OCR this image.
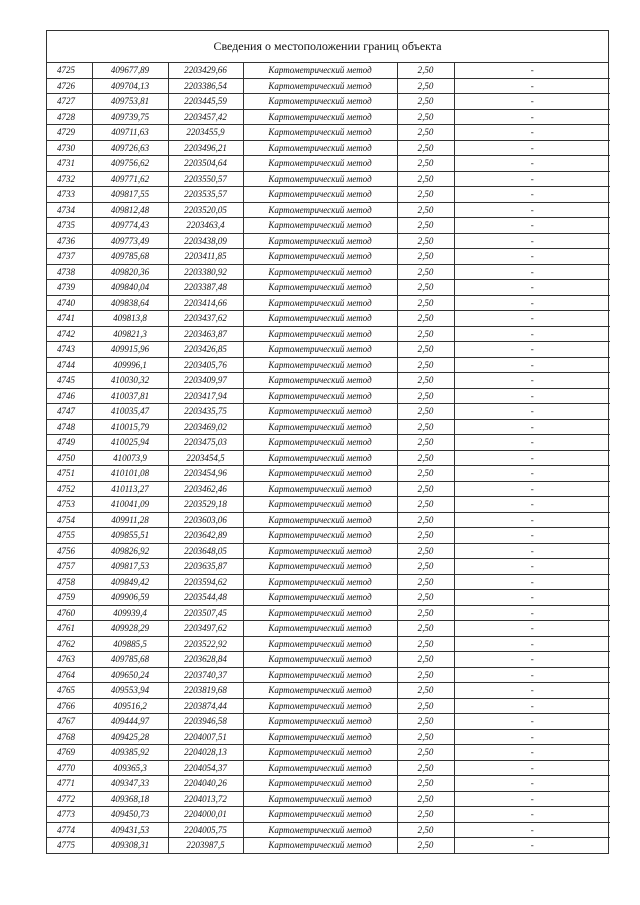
Сведения о местоположении границ объекта
4725	409677,89	2203429,66	Картометрический метод	2,50	-
4726	409704,13	2203386,54	Картометрический метод	2,50	-
4727	409753,81	2203445,59	Картометрический метод	2,50	-
4728	409739,75	2203457,42	Картометрический метод	2,50	-
4729	409711,63	2203455,9	Картометрический метод	2,50	-
4730	409726,63	2203496,21	Картометрический метод	2,50	-
4731	409756,62	2203504,64	Картометрический метод	2,50	-
4732	409771,62	2203550,57	Картометрический метод	2,50	-
4733	409817,55	2203535,57	Картометрический метод	2,50	-
4734	409812,48	2203520,05	Картометрический метод	2,50	-
4735	409774,43	2203463,4	Картометрический метод	2,50	-
4736	409773,49	2203438,09	Картометрический метод	2,50	-
4737	409785,68	2203411,85	Картометрический метод	2,50	-
4738	409820,36	2203380,92	Картометрический метод	2,50	-
4739	409840,04	2203387,48	Картометрический метод	2,50	-
4740	409838,64	2203414,66	Картометрический метод	2,50	-
4741	409813,8	2203437,62	Картометрический метод	2,50	-
4742	409821,3	2203463,87	Картометрический метод	2,50	-
4743	409915,96	2203426,85	Картометрический метод	2,50	-
4744	409996,1	2203405,76	Картометрический метод	2,50	-
4745	410030,32	2203409,97	Картометрический метод	2,50	-
4746	410037,81	2203417,94	Картометрический метод	2,50	-
4747	410035,47	2203435,75	Картометрический метод	2,50	-
4748	410015,79	2203469,02	Картометрический метод	2,50	-
4749	410025,94	2203475,03	Картометрический метод	2,50	-
4750	410073,9	2203454,5	Картометрический метод	2,50	-
4751	410101,08	2203454,96	Картометрический метод	2,50	-
4752	410113,27	2203462,46	Картометрический метод	2,50	-
4753	410041,09	2203529,18	Картометрический метод	2,50	-
4754	409911,28	2203603,06	Картометрический метод	2,50	-
4755	409855,51	2203642,89	Картометрический метод	2,50	-
4756	409826,92	2203648,05	Картометрический метод	2,50	-
4757	409817,53	2203635,87	Картометрический метод	2,50	-
4758	409849,42	2203594,62	Картометрический метод	2,50	-
4759	409906,59	2203544,48	Картометрический метод	2,50	-
4760	409939,4	2203507,45	Картометрический метод	2,50	-
4761	409928,29	2203497,62	Картометрический метод	2,50	-
4762	409885,5	2203522,92	Картометрический метод	2,50	-
4763	409785,68	2203628,84	Картометрический метод	2,50	-
4764	409650,24	2203740,37	Картометрический метод	2,50	-
4765	409553,94	2203819,68	Картометрический метод	2,50	-
4766	409516,2	2203874,44	Картометрический метод	2,50	-
4767	409444,97	2203946,58	Картометрический метод	2,50	-
4768	409425,28	2204007,51	Картометрический метод	2,50	-
4769	409385,92	2204028,13	Картометрический метод	2,50	-
4770	409365,3	2204054,37	Картометрический метод	2,50	-
4771	409347,33	2204040,26	Картометрический метод	2,50	-
4772	409368,18	2204013,72	Картометрический метод	2,50	-
4773	409450,73	2204000,01	Картометрический метод	2,50	-
4774	409431,53	2204005,75	Картометрический метод	2,50	-
4775	409308,31	2203987,5	Картометрический метод	2,50	-
